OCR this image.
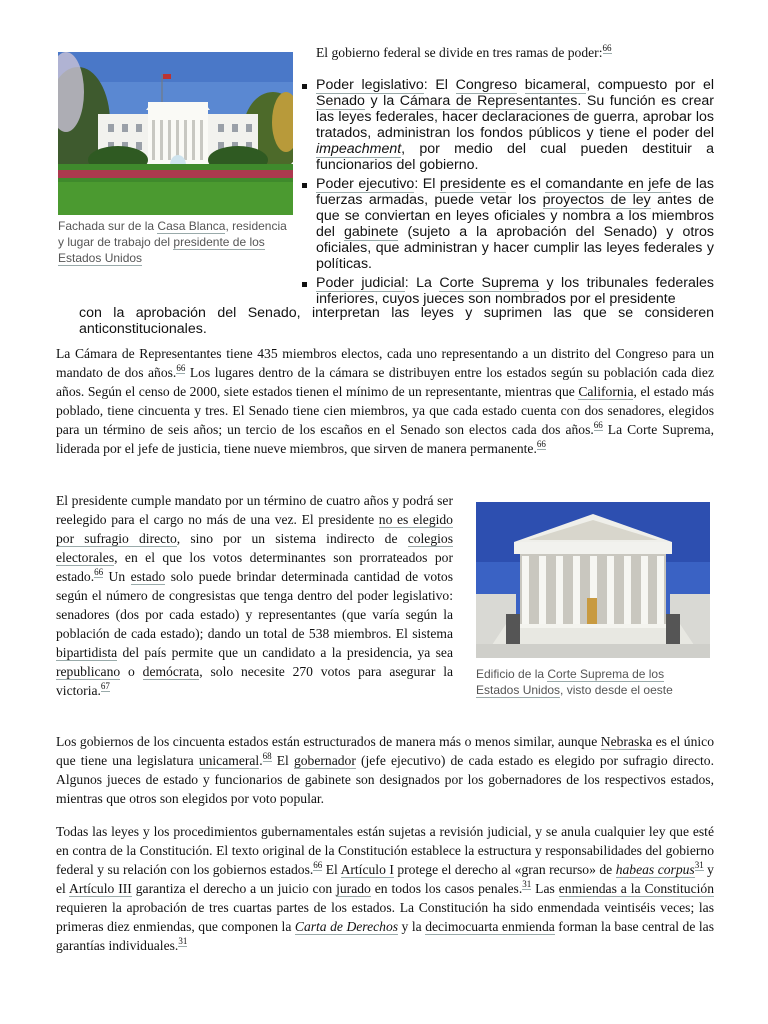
Fachada sur de la Casa Blanca, residencia y lugar de trabajo del presidente de los Estados Unidos
El gobierno federal se divide en tres ramas de poder:$^{66}$
Poder legislativo: El Congreso bicameral, compuesto por el Senado y la Cámara de Representantes. Su función es crear las leyes federales, hacer declaraciones de guerra, aprobar los tratados, administran los fondos públicos y tiene el poder del impeachment, por medio del cual pueden destituir a funcionarios del gobierno.
Poder ejecutivo: El presidente es el comandante en jefe de las fuerzas armadas, puede vetar los proyectos de ley antes de que se conviertan en leyes oficiales y nombra a los miembros del gabinete (sujeto a la aprobación del Senado) y otros oficiales, que administran y hacer cumplir las leyes federales y políticas.
Poder judicial: La Corte Suprema y los tribunales federales inferiores, cuyos jueces son nombrados por el presidente
con la aprobación del Senado, interpretan las leyes y suprimen las que se consideren anticonstitucionales.
La Cámara de Representantes tiene 435 miembros electos, cada uno representando a un distrito del Congreso para un mandato de dos años.$^{66}$ Los lugares dentro de la cámara se distribuyen entre los estados según su población cada diez años. Según el censo de 2000, siete estados tienen el mínimo de un representante, mientras que California, el estado más poblado, tiene cincuenta y tres. El Senado tiene cien miembros, ya que cada estado cuenta con dos senadores, elegidos para un término de seis años; un tercio de los escaños en el Senado son electos cada dos años.$^{66}$ La Corte Suprema, liderada por el jefe de justicia, tiene nueve miembros, que sirven de manera permanente.$^{66}$
El presidente cumple mandato por un término de cuatro años y podrá ser reelegido para el cargo no más de una vez. El presidente no es elegido por sufragio directo, sino por un sistema indirecto de colegios electorales, en el que los votos determinantes son prorrateados por estado.$^{66}$ Un estado solo puede brindar determinada cantidad de votos según el número de congresistas que tenga dentro del poder legislativo: senadores (dos por cada estado) y representantes (que varía según la población de cada estado); dando un total de 538 miembros. El sistema bipartidista del país permite que un candidato a la presidencia, ya sea republicano o demócrata, solo necesite 270 votos para asegurar la victoria.$^{67}$
Edificio de la Corte Suprema de los Estados Unidos, visto desde el oeste
Los gobiernos de los cincuenta estados están estructurados de manera más o menos similar, aunque Nebraska es el único que tiene una legislatura unicameral.$^{68}$ El gobernador (jefe ejecutivo) de cada estado es elegido por sufragio directo. Algunos jueces de estado y funcionarios de gabinete son designados por los gobernadores de los respectivos estados, mientras que otros son elegidos por voto popular.
Todas las leyes y los procedimientos gubernamentales están sujetas a revisión judicial, y se anula cualquier ley que esté en contra de la Constitución. El texto original de la Constitución establece la estructura y responsabilidades del gobierno federal y su relación con los gobiernos estados.$^{66}$ El Artículo I protege el derecho al «gran recurso» de habeas corpus$^{31}$ y el Artículo III garantiza el derecho a un juicio con jurado en todos los casos penales.$^{31}$ Las enmiendas a la Constitución requieren la aprobación de tres cuartas partes de los estados. La Constitución ha sido enmendada veintiséis veces; las primeras diez enmiendas, que componen la Carta de Derechos y la decimocuarta enmienda forman la base central de las garantías individuales.$^{31}$
